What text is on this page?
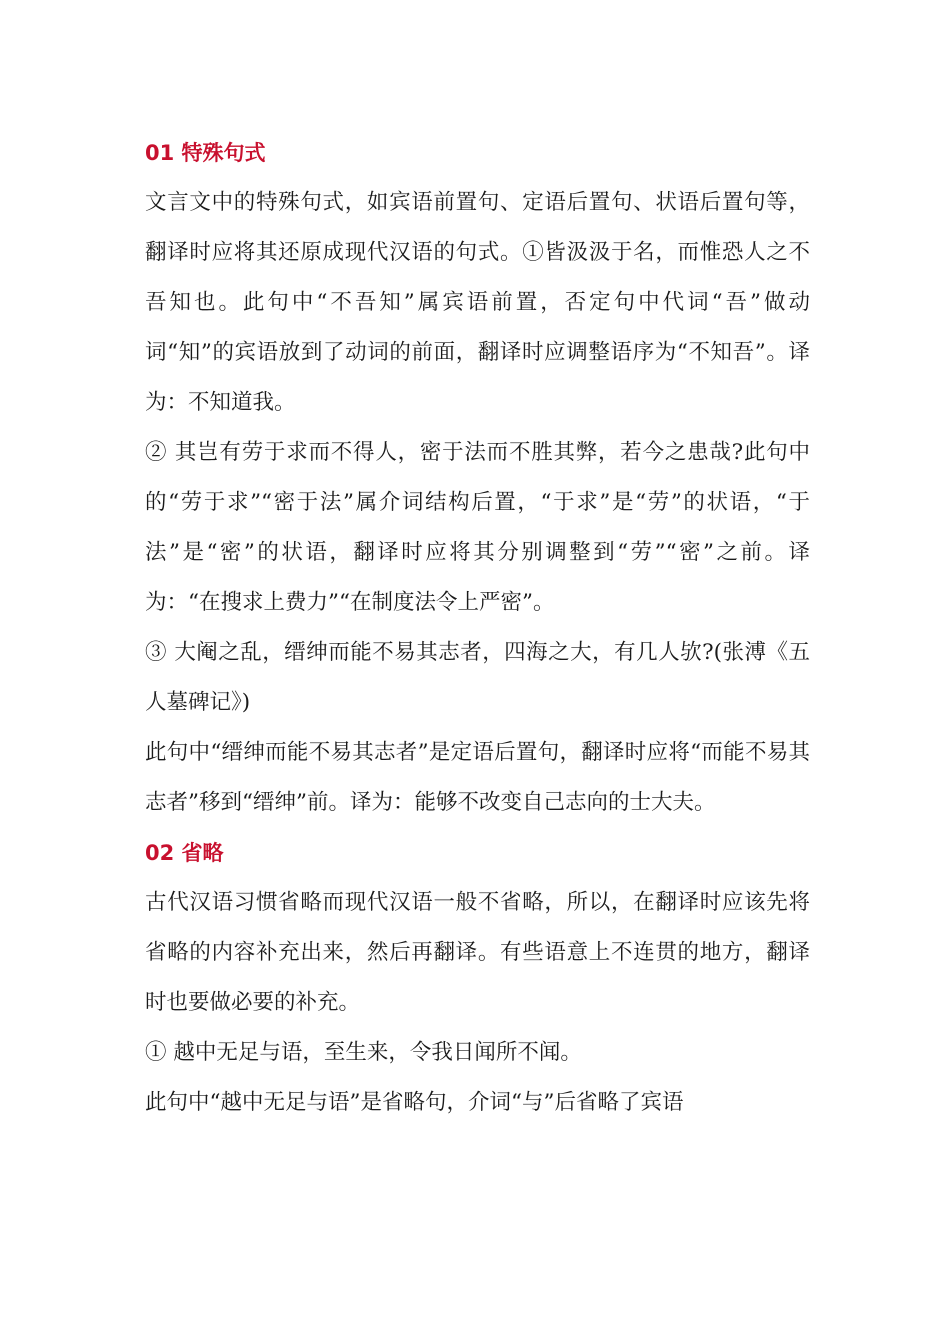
01 特殊句式

文言文中的特殊句式，如宾语前置句、定语后置句、状语后置句等，翻译时应将其还原成现代汉语的句式。①皆汲汲于名，而惟恐人之不吾知也。此句中“不吾知”属宾语前置，否定句中代词“吾”做动词“知”的宾语放到了动词的前面，翻译时应调整语序为“不知吾”。译为：不知道我。

② 其岂有劳于求而不得人，密于法而不胜其弊，若今之患哉?此句中的“劳于求”“密于法”属介词结构后置，“于求”是“劳”的状语，“于法”是“密”的状语，翻译时应将其分别调整到“劳”“密”之前。译为：“在搜求上费力”“在制度法令上严密”。

③ 大阉之乱，缙绅而能不易其志者，四海之大，有几人欤?(张溥《五人墓碑记》)

此句中“缙绅而能不易其志者”是定语后置句，翻译时应将“而能不易其志者”移到“缙绅”前。译为：能够不改变自己志向的士大夫。

02 省略

古代汉语习惯省略而现代汉语一般不省略，所以，在翻译时应该先将省略的内容补充出来，然后再翻译。有些语意上不连贯的地方，翻译时也要做必要的补充。

① 越中无足与语，至生来，令我日闻所不闻。

此句中“越中无足与语”是省略句，介词“与”后省略了宾语
